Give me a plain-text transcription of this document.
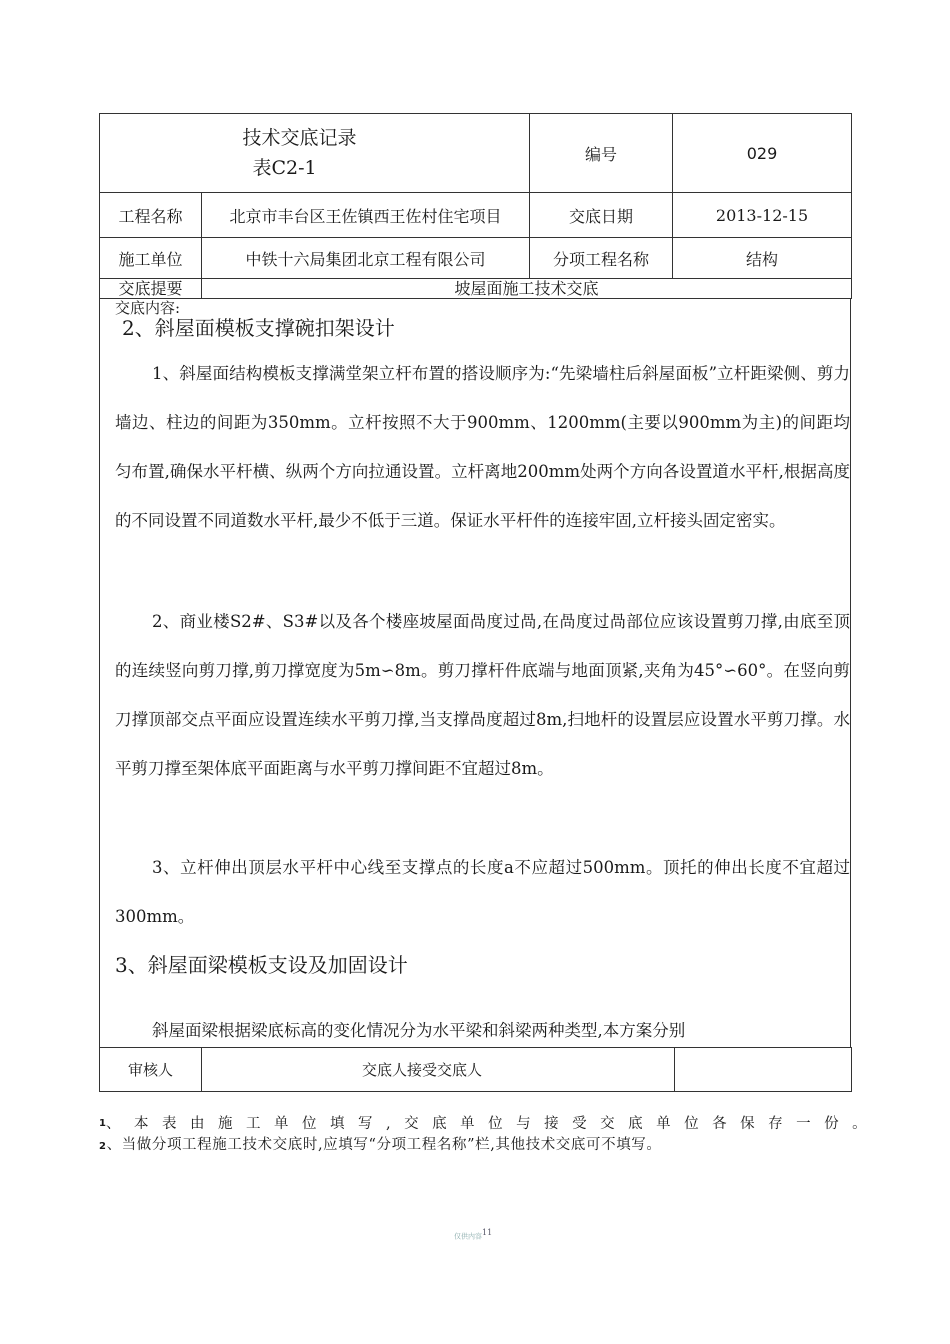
技术交底记录
表C2-1		编号	029
工程名称	北京市丰台区王佐镇西王佐村住宅项目	交底日期	2013-12-15
施工单位	中铁十六局集团北京工程有限公司	分项工程名称	结构
交底提要	坡屋面施工技术交底		
交底内容:
2、斜屋面模板支撑碗扣架设计
1、斜屋面结构模板支撑满堂架立杆布置的搭设顺序为:“先梁墙柱后斜屋面板”立杆距梁侧、剪力墙边、柱边的间距为350mm。立杆按照不大于900mm、1200mm(主要以900mm为主)的间距均匀布置,确保水平杆横、纵两个方向拉通设置。立杆离地200mm处两个方向各设置道水平杆,根据高度的不同设置不同道数水平杆,最少不低于三道。保证水平杆件的连接牢固,立杆接头固定密实。
2、商业楼S2#、S3#以及各个楼座坡屋面咼度过咼,在咼度过咼部位应该设置剪刀撑,由底至顶的连续竖向剪刀撑,剪刀撑宽度为5m∽8m。剪刀撑杆件底端与地面顶紧,夹角为45°∽60°。在竖向剪刀撑顶部交点平面应设置连续水平剪刀撑,当支撑咼度超过8m,扫地杆的设置层应设置水平剪刀撑。水平剪刀撑至架体底平面距离与水平剪刀撑间距不宜超过8m。
3、立杆伸出顶层水平杆中心线至支撑点的长度a不应超过500mm。顶托的伸出长度不宜超过300mm。
3、斜屋面梁模板支设及加固设计
斜屋面梁根据梁底标高的变化情况分为水平梁和斜梁两种类型,本方案分别
审核人	交底人接受交底人	
1 、本表由施工单位填写,交底单位与接受交底单位各保存一份。
2、当做分项工程施工技术交底时,应填写“分项工程名称”栏,其他技术交底可不填写。
仅供内容$^{11}$
